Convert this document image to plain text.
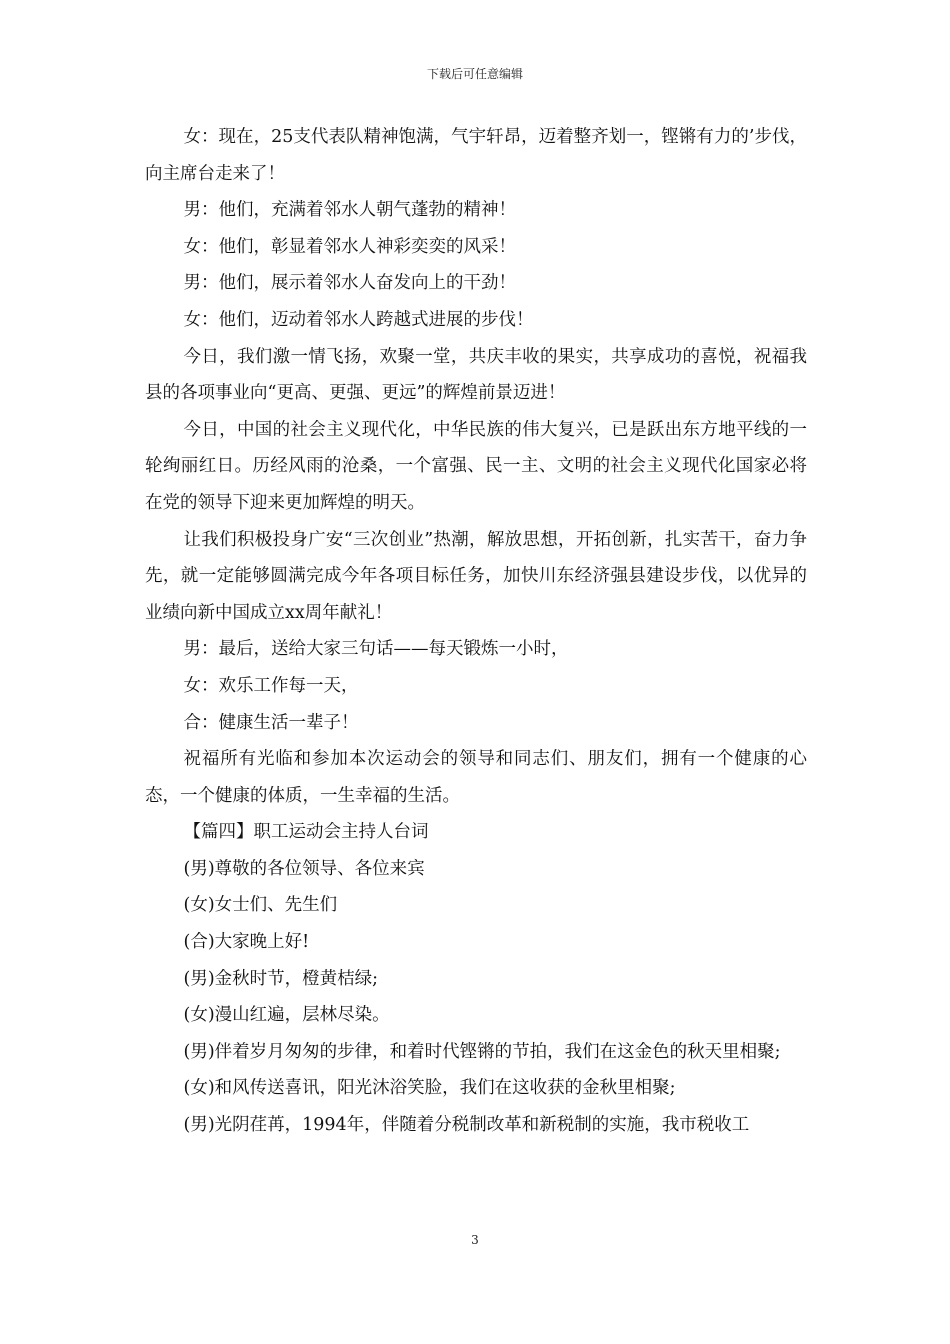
下载后可任意编辑

女：现在，25支代表队精神饱满，气宇轩昂，迈着整齐划一，铿锵有力的’步伐，向主席台走来了！

男：他们，充满着邻水人朝气蓬勃的精神！

女：他们，彰显着邻水人神彩奕奕的风采！

男：他们，展示着邻水人奋发向上的干劲！

女：他们，迈动着邻水人跨越式进展的步伐！

今日，我们激一情飞扬，欢聚一堂，共庆丰收的果实，共享成功的喜悦，祝福我县的各项事业向“更高、更强、更远”的辉煌前景迈进！

今日，中国的社会主义现代化，中华民族的伟大复兴，已是跃出东方地平线的一轮绚丽红日。历经风雨的沧桑，一个富强、民一主、文明的社会主义现代化国家必将在党的领导下迎来更加辉煌的明天。

让我们积极投身广安“三次创业”热潮，解放思想，开拓创新，扎实苦干，奋力争先，就一定能够圆满完成今年各项目标任务，加快川东经济强县建设步伐，以优异的业绩向新中国成立xx周年献礼！

男：最后，送给大家三句话——每天锻炼一小时，

女：欢乐工作每一天，

合：健康生活一辈子！

祝福所有光临和参加本次运动会的领导和同志们、朋友们，拥有一个健康的心态，一个健康的体质，一生幸福的生活。

【篇四】职工运动会主持人台词

(男)尊敬的各位领导、各位来宾

(女)女士们、先生们

(合)大家晚上好!

(男)金秋时节，橙黄桔绿;

(女)漫山红遍，层林尽染。

(男)伴着岁月匆匆的步律，和着时代铿锵的节拍，我们在这金色的秋天里相聚;

(女)和风传送喜讯，阳光沐浴笑脸，我们在这收获的金秋里相聚;

(男)光阴荏苒，1994年，伴随着分税制改革和新税制的实施，我市税收工

3
